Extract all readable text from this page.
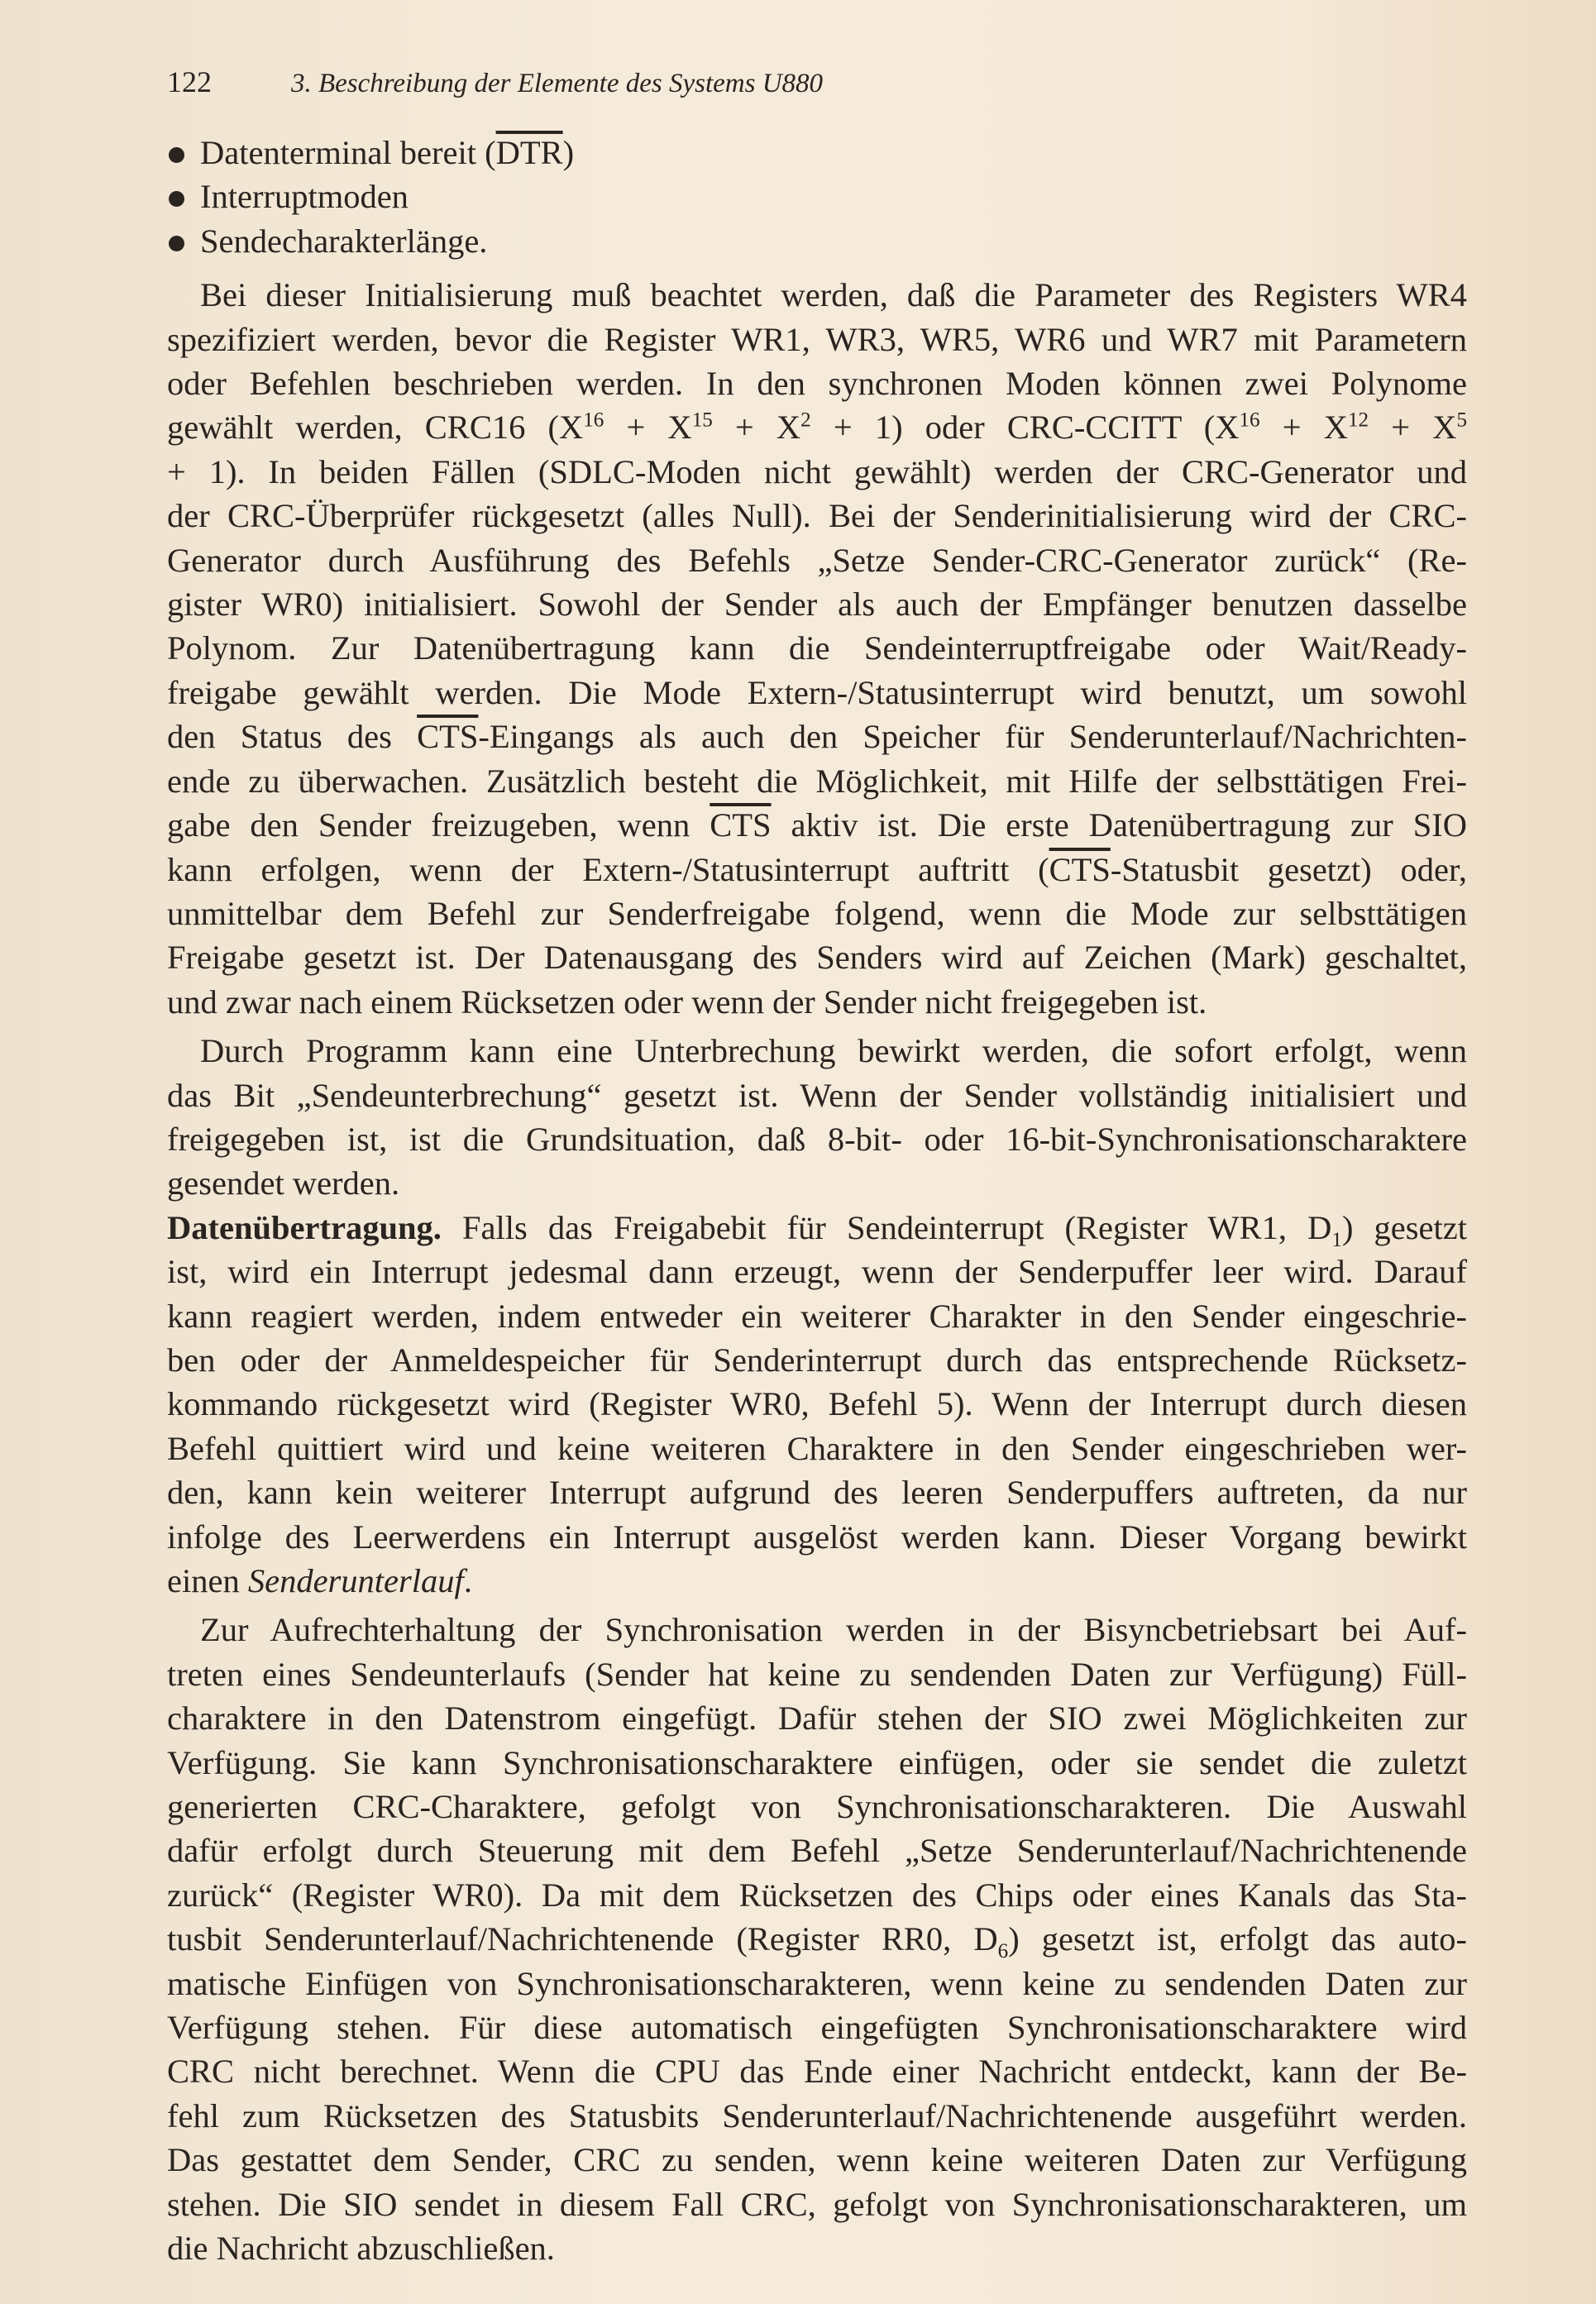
122	3. Beschreibung der Elemente des Systems U880
Datenterminal bereit $(\overline{DTR})$
Interruptmoden
Sendecharakterlänge.

Bei dieser Initialisierung muß beachtet werden, daß die Parameter des Registers WR4
spezifiziert werden, bevor die Register WR1, WR3, WR5, WR6 und WR7 mit Parametern
oder Befehlen beschrieben werden. In den synchronen Moden können zwei Polynome
gewählt werden, CRC16 $(X^{16} + X^{15} + X^2 + 1)$ oder CRC-CCITT ($X^{16} + X^{12} + X^5$
+ 1). In beiden Fällen (SDLC-Moden nicht gewählt) werden der CRC-Generator und
der CRC-Überprüfer rückgesetzt (alles Null). Bei der Senderinitialisierung wird der CRC-
Generator durch Ausführung des Befehls „Setze Sender-CRC-Generator zurück“ (Re-
gister WR0) initialisiert. Sowohl der Sender als auch der Empfänger benutzen dasselbe
Polynom. Zur Datenübertragung kann die Sendeinterruptfreigabe oder Wait/Ready-
freigabe gewählt werden. Die Mode Extern-/Statusinterrupt wird benutzt, um sowohl
den Status des $\overline{CTS}$-Eingangs als auch den Speicher für Senderunterlauf/Nachrichten-
ende zu überwachen. Zusätzlich besteht die Möglichkeit, mit Hilfe der selbsttätigen Frei-
gabe den Sender freizugeben, wenn $\overline{CTS}$ aktiv ist. Die erste Datenübertragung zur SIO
kann erfolgen, wenn der Extern-/Statusinterrupt auftritt ($\overline{CTS}$-Statusbit gesetzt) oder,
unmittelbar dem Befehl zur Senderfreigabe folgend, wenn die Mode zur selbsttätigen
Freigabe gesetzt ist. Der Datenausgang des Senders wird auf Zeichen (Mark) geschaltet,
und zwar nach einem Rücksetzen oder wenn der Sender nicht freigegeben ist.

Durch Programm kann eine Unterbrechung bewirkt werden, die sofort erfolgt, wenn
das Bit „Sendeunterbrechung“ gesetzt ist. Wenn der Sender vollständig initialisiert und
freigegeben ist, ist die Grundsituation, daß 8-bit- oder 16-bit-Synchronisationscharaktere
gesendet werden.

Datenübertragung. Falls das Freigabebit für Sendeinterrupt (Register WR1, $D_1$) gesetzt
ist, wird ein Interrupt jedesmal dann erzeugt, wenn der Senderpuffer leer wird. Darauf
kann reagiert werden, indem entweder ein weiterer Charakter in den Sender eingeschrie-
ben oder der Anmeldespeicher für Senderinterrupt durch das entsprechende Rücksetz-
kommando rückgesetzt wird (Register WR0, Befehl 5). Wenn der Interrupt durch diesen
Befehl quittiert wird und keine weiteren Charaktere in den Sender eingeschrieben wer-
den, kann kein weiterer Interrupt aufgrund des leeren Senderpuffers auftreten, da nur
infolge des Leerwerdens ein Interrupt ausgelöst werden kann. Dieser Vorgang bewirkt
einen Senderunterlauf.

Zur Aufrechterhaltung der Synchronisation werden in der Bisyncbetriebsart bei Auf-
treten eines Sendeunterlaufs (Sender hat keine zu sendenden Daten zur Verfügung) Füll-
charaktere in den Datenstrom eingefügt. Dafür stehen der SIO zwei Möglichkeiten zur
Verfügung. Sie kann Synchronisationscharaktere einfügen, oder sie sendet die zuletzt
generierten CRC-Charaktere, gefolgt von Synchronisationscharakteren. Die Auswahl
dafür erfolgt durch Steuerung mit dem Befehl „Setze Senderunterlauf/Nachrichtenende
zurück“ (Register WR0). Da mit dem Rücksetzen des Chips oder eines Kanals das Sta-
tusbit Senderunterlauf/Nachrichtenende (Register RR0, $D_6$) gesetzt ist, erfolgt das auto-
matische Einfügen von Synchronisationscharakteren, wenn keine zu sendenden Daten zur
Verfügung stehen. Für diese automatisch eingefügten Synchronisationscharaktere wird
CRC nicht berechnet. Wenn die CPU das Ende einer Nachricht entdeckt, kann der Be-
fehl zum Rücksetzen des Statusbits Senderunterlauf/Nachrichtenende ausgeführt werden.
Das gestattet dem Sender, CRC zu senden, wenn keine weiteren Daten zur Verfügung
stehen. Die SIO sendet in diesem Fall CRC, gefolgt von Synchronisationscharakteren, um
die Nachricht abzuschließen.
